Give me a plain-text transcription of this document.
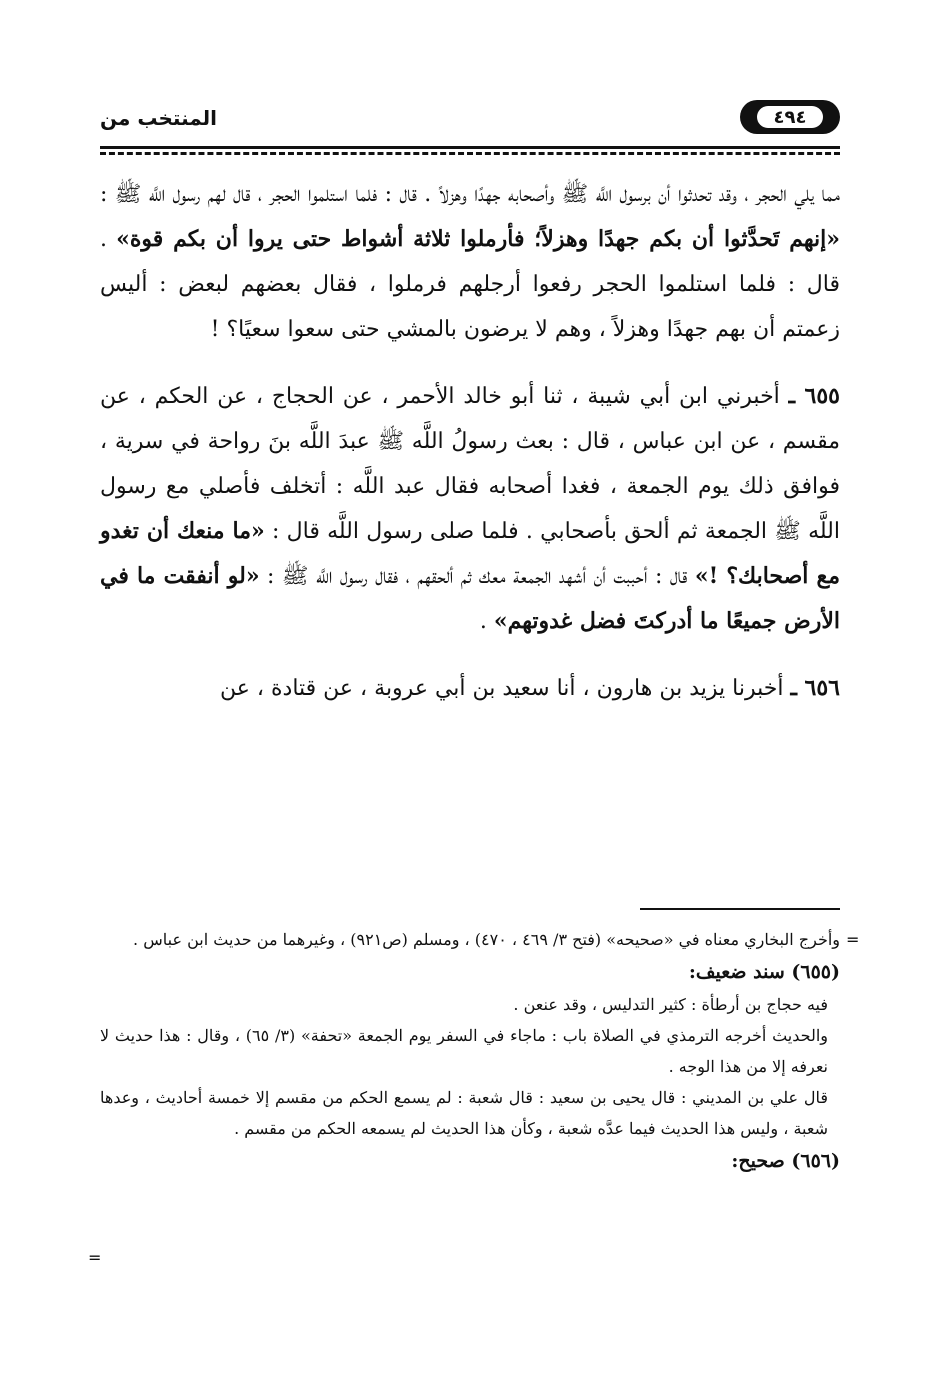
المنتخب من	٤٩٤

مما يلي الحجر ، وقد تحدثوا أن برسول اللَّه ﷺ وأصحابه جهدًا وهزلاً . قال : فلما استلموا الحجر ، قال لهم رسول اللَّه ﷺ : «إنهم تَحدَّثوا أن بكم جهدًا وهزلاً؛ فأرملوا ثلاثة أشواط حتى يروا أن بكم قوة» . قال : فلما استلموا الحجر رفعوا أرجلهم فرملوا ، فقال بعضهم لبعض : أليس زعمتم أن بهم جهدًا وهزلاً ، وهم لا يرضون بالمشي حتى سعوا سعيًا؟ !

٦٥٥ ـ أخبرني ابن أبي شيبة ، ثنا أبو خالد الأحمر ، عن الحجاج ، عن الحكم ، عن مقسم ، عن ابن عباس ، قال : بعث رسولُ اللَّه ﷺ عبدَ اللَّه بنَ رواحة في سرية ، فوافق ذلك يوم الجمعة ، فغدا أصحابه فقال عبد اللَّه : أتخلف فأصلي مع رسول اللَّه ﷺ الجمعة ثم ألحق بأصحابي . فلما صلى رسول اللَّه قال : «ما منعك أن تغدو مع أصحابك؟ !» قال : أحببت أن أشهد الجمعة معك ثم ألحقهم ، فقال رسول اللَّه ﷺ : «لو أنفقت ما في الأرض جميعًا ما أدركتَ فضل غدوتهم» .

٦٥٦ ـ أخبرنا يزيد بن هارون ، أنا سعيد بن أبي عروبة ، عن قتادة ، عن

=

وأخرج البخاري معناه في «صحيحه» (فتح ٣/ ٤٦٩ ، ٤٧٠) ، ومسلم (ص٩٢١) ، وغيرهما من حديث ابن عباس .

(٦٥٥) سند ضعيف:

فيه حجاج بن أرطأة : كثير التدليس ، وقد عنعن .

والحديث أخرجه الترمذي في الصلاة باب : ماجاء في السفر يوم الجمعة «تحفة» (٣/ ٦٥) ، وقال : هذا حديث لا نعرفه إلا من هذا الوجه .

قال علي بن المديني : قال يحيى بن سعيد : قال شعبة : لم يسمع الحكم من مقسم إلا خمسة أحاديث ، وعدها شعبة ، وليس هذا الحديث فيما عدَّه شعبة ، وكأن هذا الحديث لم يسمعه الحكم من مقسم .

(٦٥٦) صحيح:

=
